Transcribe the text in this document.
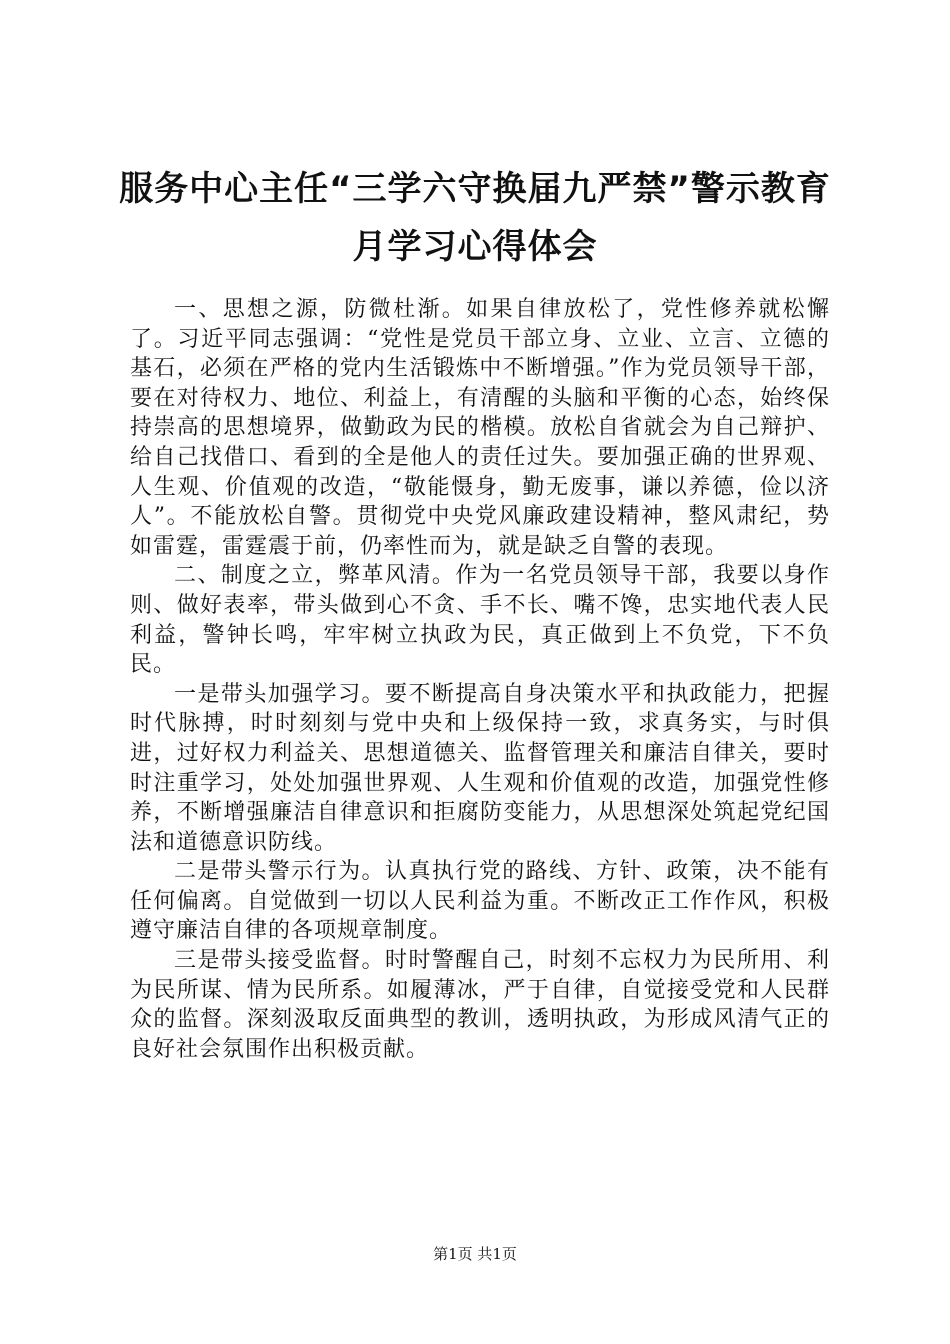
服务中心主任“三学六守换届九严禁”警示教育月学习心得体会

一、思想之源，防微杜渐。如果自律放松了，党性修养就松懈了。习近平同志强调：“党性是党员干部立身、立业、立言、立德的基石，必须在严格的党内生活锻炼中不断增强。”作为党员领导干部，要在对待权力、地位、利益上，有清醒的头脑和平衡的心态，始终保持崇高的思想境界，做勤政为民的楷模。放松自省就会为自己辩护、给自己找借口、看到的全是他人的责任过失。要加强正确的世界观、人生观、价值观的改造，“敬能慑身，勤无废事，谦以养德，俭以济人”。不能放松自警。贯彻党中央党风廉政建设精神，整风肃纪，势如雷霆，雷霆震于前，仍率性而为，就是缺乏自警的表现。

二、制度之立，弊革风清。作为一名党员领导干部，我要以身作则、做好表率，带头做到心不贪、手不长、嘴不馋，忠实地代表人民利益，警钟长鸣，牢牢树立执政为民，真正做到上不负党，下不负民。

一是带头加强学习。要不断提高自身决策水平和执政能力，把握时代脉搏，时时刻刻与党中央和上级保持一致，求真务实，与时俱进，过好权力利益关、思想道德关、监督管理关和廉洁自律关，要时时注重学习，处处加强世界观、人生观和价值观的改造，加强党性修养，不断增强廉洁自律意识和拒腐防变能力，从思想深处筑起党纪国法和道德意识防线。

二是带头警示行为。认真执行党的路线、方针、政策，决不能有任何偏离。自觉做到一切以人民利益为重。不断改正工作作风，积极遵守廉洁自律的各项规章制度。

三是带头接受监督。时时警醒自己，时刻不忘权力为民所用、利为民所谋、情为民所系。如履薄冰，严于自律，自觉接受党和人民群众的监督。深刻汲取反面典型的教训，透明执政，为形成风清气正的良好社会氛围作出积极贡献。

第1页 共1页
